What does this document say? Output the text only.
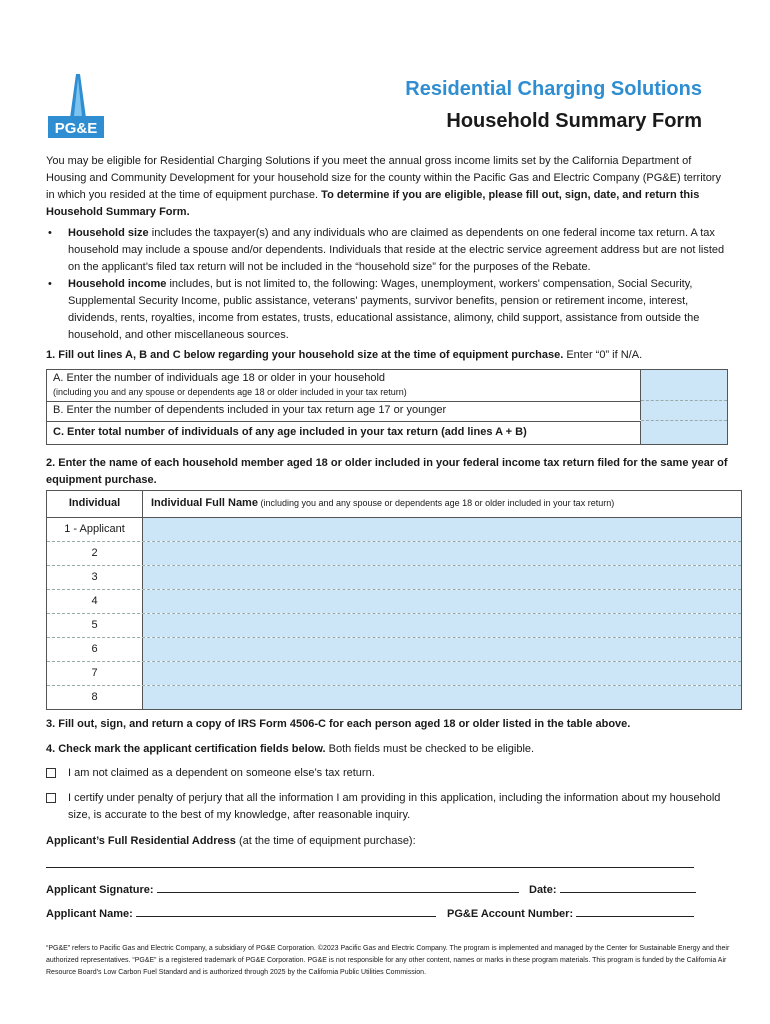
PG&E
Residential Charging Solutions
Household Summary Form
You may be eligible for Residential Charging Solutions if you meet the annual gross income limits set by the California Department of Housing and Community Development for your household size for the county within the Pacific Gas and Electric Company (PG&E) territory in which you resided at the time of equipment purchase. To determine if you are eligible, please fill out, sign, date, and return this Household Summary Form.
• Household size includes the taxpayer(s) and any individuals who are claimed as dependents on one federal income tax return. A tax household may include a spouse and/or dependents. Individuals that reside at the electric service agreement address but are not listed on the applicant’s filed tax return will not be included in the “household size” for the purposes of the Rebate.
• Household income includes, but is not limited to, the following: Wages, unemployment, workers' compensation, Social Security, Supplemental Security Income, public assistance, veterans' payments, survivor benefits, pension or retirement income, interest, dividends, rents, royalties, income from estates, trusts, educational assistance, alimony, child support, assistance from outside the household, and other miscellaneous sources.
1. Fill out lines A, B and C below regarding your household size at the time of equipment purchase. Enter “0” if N/A.
A. Enter the number of individuals age 18 or older in your household
(including you and any spouse or dependents age 18 or older included in your tax return)
B. Enter the number of dependents included in your tax return age 17 or younger
C. Enter total number of individuals of any age included in your tax return (add lines A + B)
2. Enter the name of each household member aged 18 or older included in your federal income tax return filed for the same year of equipment purchase.
Individual	Individual Full Name (including you and any spouse or dependents age 18 or older included in your tax return)
1 - Applicant
2
3
4
5
6
7
8
3. Fill out, sign, and return a copy of IRS Form 4506-C for each person aged 18 or older listed in the table above.
4. Check mark the applicant certification fields below. Both fields must be checked to be eligible.
I am not claimed as a dependent on someone else’s tax return.
I certify under penalty of perjury that all the information I am providing in this application, including the information about my household size, is accurate to the best of my knowledge, after reasonable inquiry.
Applicant’s Full Residential Address (at the time of equipment purchase):
Applicant Signature:	Date:
Applicant Name:	PG&E Account Number:
“PG&E” refers to Pacific Gas and Electric Company, a subsidiary of PG&E Corporation. ©2023 Pacific Gas and Electric Company. The program is implemented and managed by the Center for Sustainable Energy and their authorized representatives. “PG&E” is a registered trademark of PG&E Corporation. PG&E is not responsible for any other content, names or marks in these program materials. This program is funded by the California Air Resource Board’s Low Carbon Fuel Standard and is authorized through 2025 by the California Public Utilities Commission.
